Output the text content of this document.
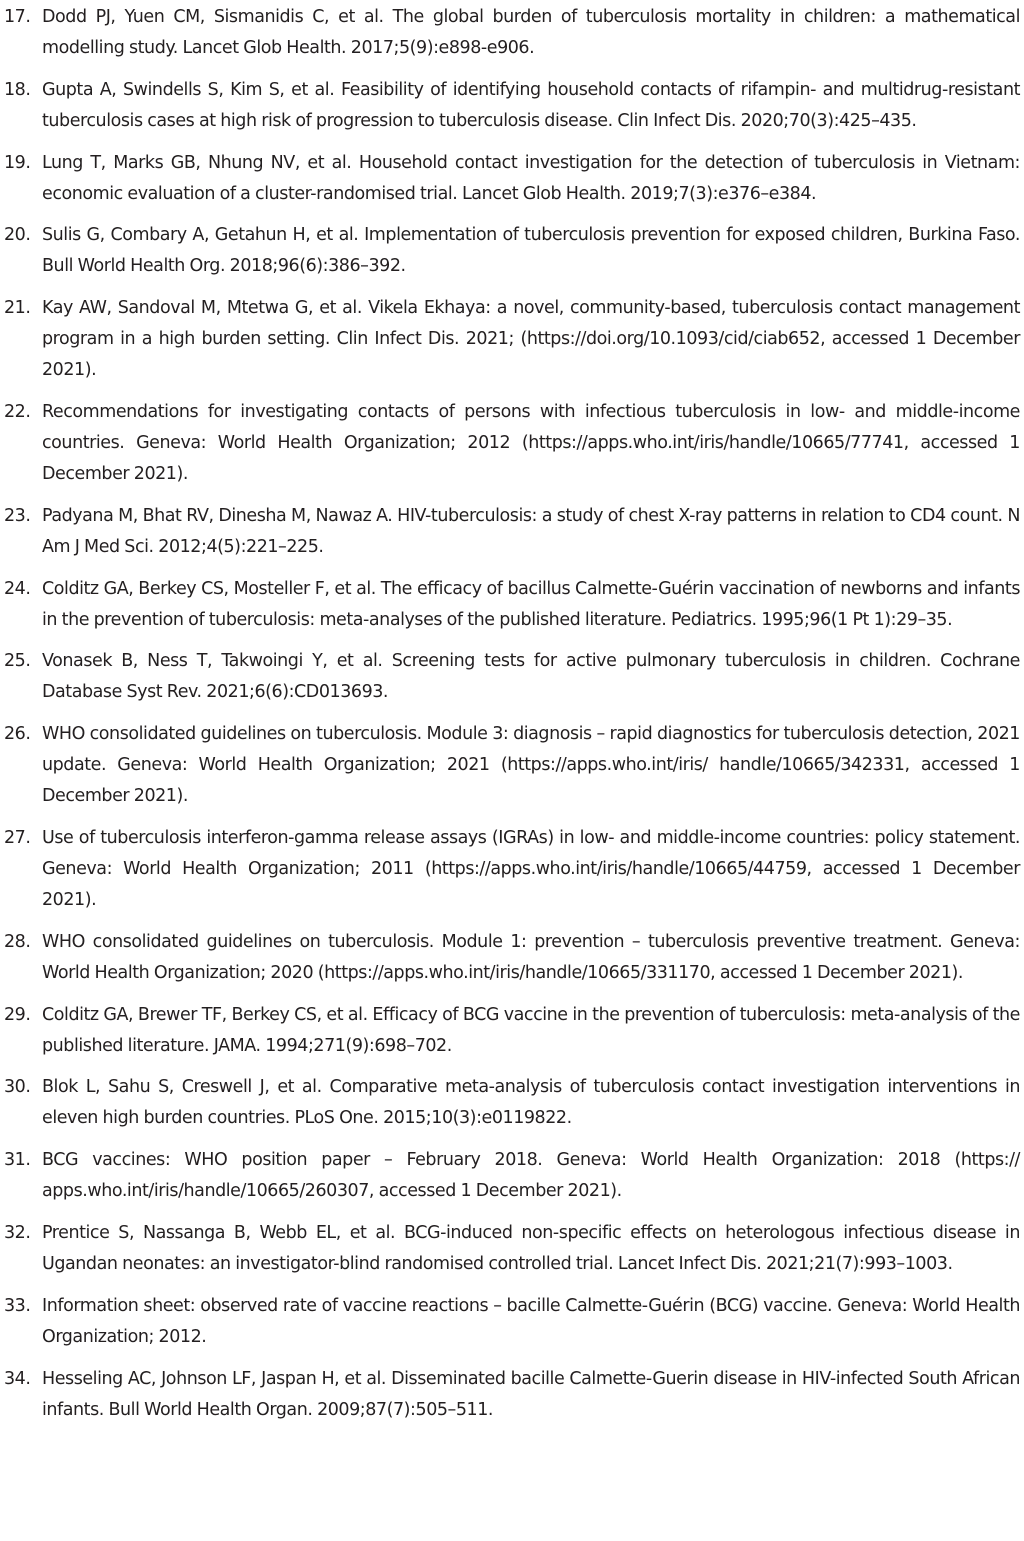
17. Dodd PJ, Yuen CM, Sismanidis C, et al. The global burden of tuberculosis mortality in children: a mathematical modelling study. Lancet Glob Health. 2017;5(9):e898-e906.
18. Gupta A, Swindells S, Kim S, et al. Feasibility of identifying household contacts of rifampin- and multidrug-resistant tuberculosis cases at high risk of progression to tuberculosis disease. Clin Infect Dis. 2020;70(3):425–435.
19. Lung T, Marks GB, Nhung NV, et al. Household contact investigation for the detection of tuberculosis in Vietnam: economic evaluation of a cluster-randomised trial. Lancet Glob Health. 2019;7(3):e376–e384.
20. Sulis G, Combary A, Getahun H, et al. Implementation of tuberculosis prevention for exposed children, Burkina Faso. Bull World Health Org. 2018;96(6):386–392.
21. Kay AW, Sandoval M, Mtetwa G, et al. Vikela Ekhaya: a novel, community-based, tuberculosis contact management program in a high burden setting. Clin Infect Dis. 2021; (https://doi.org/10.1093/cid/ciab652, accessed 1 December 2021).
22. Recommendations for investigating contacts of persons with infectious tuberculosis in low- and middle-income countries. Geneva: World Health Organization; 2012 (https://apps.who.int/iris/handle/10665/77741, accessed 1 December 2021).
23. Padyana M, Bhat RV, Dinesha M, Nawaz A. HIV-tuberculosis: a study of chest X-ray patterns in relation to CD4 count. N Am J Med Sci. 2012;4(5):221–225.
24. Colditz GA, Berkey CS, Mosteller F, et al. The efficacy of bacillus Calmette-Guérin vaccination of newborns and infants in the prevention of tuberculosis: meta-analyses of the published literature. Pediatrics. 1995;96(1 Pt 1):29–35.
25. Vonasek B, Ness T, Takwoingi Y, et al. Screening tests for active pulmonary tuberculosis in children. Cochrane Database Syst Rev. 2021;6(6):CD013693.
26. WHO consolidated guidelines on tuberculosis. Module 3: diagnosis – rapid diagnostics for tuberculosis detection, 2021 update. Geneva: World Health Organization; 2021 (https://apps.who.int/iris/ handle/10665/342331, accessed 1 December 2021).
27. Use of tuberculosis interferon-gamma release assays (IGRAs) in low- and middle-income countries: policy statement. Geneva: World Health Organization; 2011 (https://apps.who.int/iris/handle/10665/44759, accessed 1 December 2021).
28. WHO consolidated guidelines on tuberculosis. Module 1: prevention – tuberculosis preventive treatment. Geneva: World Health Organization; 2020 (https://apps.who.int/iris/handle/10665/331170, accessed 1 December 2021).
29. Colditz GA, Brewer TF, Berkey CS, et al. Efficacy of BCG vaccine in the prevention of tuberculosis: meta-analysis of the published literature. JAMA. 1994;271(9):698–702.
30. Blok L, Sahu S, Creswell J, et al. Comparative meta-analysis of tuberculosis contact investigation interventions in eleven high burden countries. PLoS One. 2015;10(3):e0119822.
31. BCG vaccines: WHO position paper – February 2018. Geneva: World Health Organization: 2018 (https:// apps.who.int/iris/handle/10665/260307, accessed 1 December 2021).
32. Prentice S, Nassanga B, Webb EL, et al. BCG-induced non-specific effects on heterologous infectious disease in Ugandan neonates: an investigator-blind randomised controlled trial. Lancet Infect Dis. 2021;21(7):993–1003.
33. Information sheet: observed rate of vaccine reactions – bacille Calmette-Guérin (BCG) vaccine. Geneva: World Health Organization; 2012.
34. Hesseling AC, Johnson LF, Jaspan H, et al. Disseminated bacille Calmette-Guerin disease in HIV-infected South African infants. Bull World Health Organ. 2009;87(7):505–511.
